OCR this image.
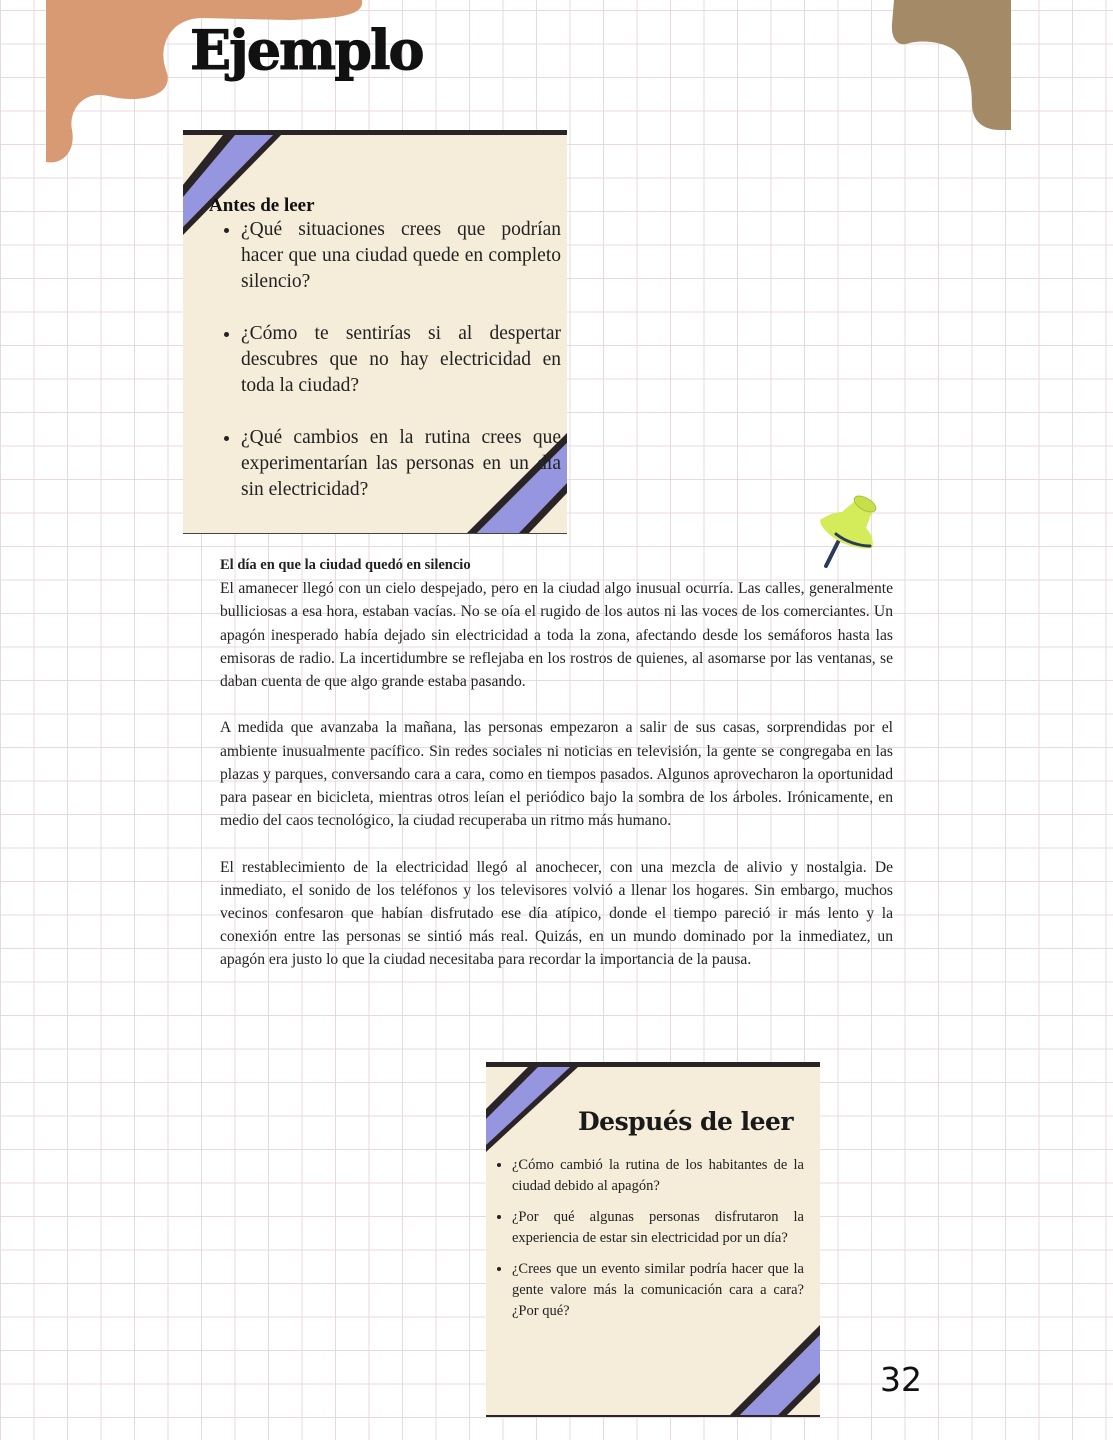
Ejemplo
Antes de leer
• ¿Qué situaciones crees que podrían hacer que una ciudad quede en completo silencio?
• ¿Cómo te sentirías si al despertar descubres que no hay electricidad en toda la ciudad?
• ¿Qué cambios en la rutina crees que experimentarían las personas en un día sin electricidad?

El día en que la ciudad quedó en silencio

El amanecer llegó con un cielo despejado, pero en la ciudad algo inusual ocurría. Las calles, generalmente bulliciosas a esa hora, estaban vacías. No se oía el rugido de los autos ni las voces de los comerciantes. Un apagón inesperado había dejado sin electricidad a toda la zona, afectando desde los semáforos hasta las emisoras de radio. La incertidumbre se reflejaba en los rostros de quienes, al asomarse por las ventanas, se daban cuenta de que algo grande estaba pasando.

A medida que avanzaba la mañana, las personas empezaron a salir de sus casas, sorprendidas por el ambiente inusualmente pacífico. Sin redes sociales ni noticias en televisión, la gente se congregaba en las plazas y parques, conversando cara a cara, como en tiempos pasados. Algunos aprovecharon la oportunidad para pasear en bicicleta, mientras otros leían el periódico bajo la sombra de los árboles. Irónicamente, en medio del caos tecnológico, la ciudad recuperaba un ritmo más humano.

El restablecimiento de la electricidad llegó al anochecer, con una mezcla de alivio y nostalgia. De inmediato, el sonido de los teléfonos y los televisores volvió a llenar los hogares. Sin embargo, muchos vecinos confesaron que habían disfrutado ese día atípico, donde el tiempo pareció ir más lento y la conexión entre las personas se sintió más real. Quizás, en un mundo dominado por la inmediatez, un apagón era justo lo que la ciudad necesitaba para recordar la importancia de la pausa.

Después de leer
• ¿Cómo cambió la rutina de los habitantes de la ciudad debido al apagón?
• ¿Por qué algunas personas disfrutaron la experiencia de estar sin electricidad por un día?
• ¿Crees que un evento similar podría hacer que la gente valore más la comunicación cara a cara? ¿Por qué?
32
